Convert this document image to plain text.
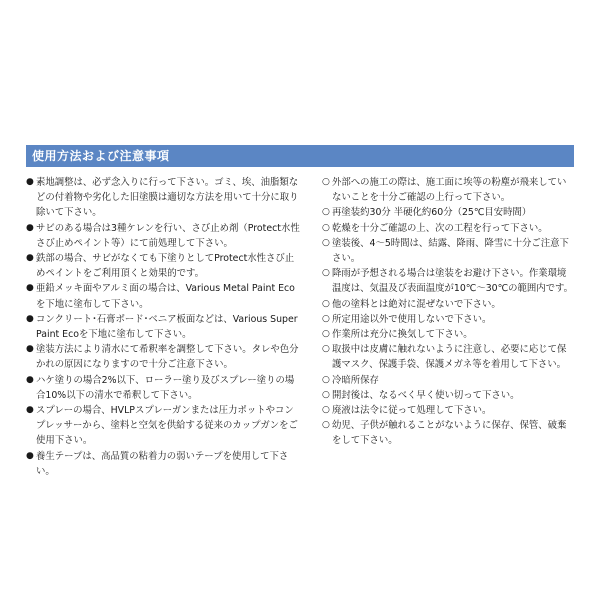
使用方法および注意事項
● 素地調整は、必ず念入りに行って下さい。ゴミ、埃、油脂類などの付着物や劣化した旧塗膜は適切な方法を用いて十分に取り除いて下さい。
● サビのある場合は3種ケレンを行い、さび止め剤（Protect水性さび止めペイント等）にて前処理して下さい。
● 鉄部の場合、サビがなくても下塗りとしてProtect水性さび止めペイントをご利用頂くと効果的です。
● 亜鉛メッキ面やアルミ面の場合は、Various Metal Paint Ecoを下地に塗布して下さい。
● コンクリート･石膏ボード･ベニア板面などは、Various Super Paint Ecoを下地に塗布して下さい。
● 塗装方法により清水にて希釈率を調整して下さい。タレや色分かれの原因になりますので十分ご注意下さい。
● ハケ塗りの場合2%以下、ローラー塗り及びスプレー塗りの場合10%以下の清水で希釈して下さい。
● スプレーの場合、HVLPスプレーガンまたは圧力ポットやコンプレッサーから、塗料と空気を供給する従来のカップガンをご使用下さい。
● 養生テープは、高品質の粘着力の弱いテープを使用して下さい。
○ 外部への施工の際は、施工面に埃等の粉塵が飛来していないことを十分ご確認の上行って下さい。
○ 再塗装約30分 半硬化約60分（25℃目安時間）
○ 乾燥を十分ご確認の上、次の工程を行って下さい。
○ 塗装後、4～5時間は、結露、降雨、降雪に十分ご注意下さい。
○ 降雨が予想される場合は塗装をお避け下さい。作業環境温度は、気温及び表面温度が10℃～30℃の範囲内です。
○ 他の塗料とは絶対に混ぜないで下さい。
○ 所定用途以外で使用しないで下さい。
○ 作業所は充分に換気して下さい。
○ 取扱中は皮膚に触れないように注意し、必要に応じて保護マスク、保護手袋、保護メガネ等を着用して下さい。
○ 冷暗所保存
○ 開封後は、なるべく早く使い切って下さい。
○ 廃液は法令に従って処理して下さい。
○ 幼児、子供が触れることがないように保存、保管、破棄をして下さい。
